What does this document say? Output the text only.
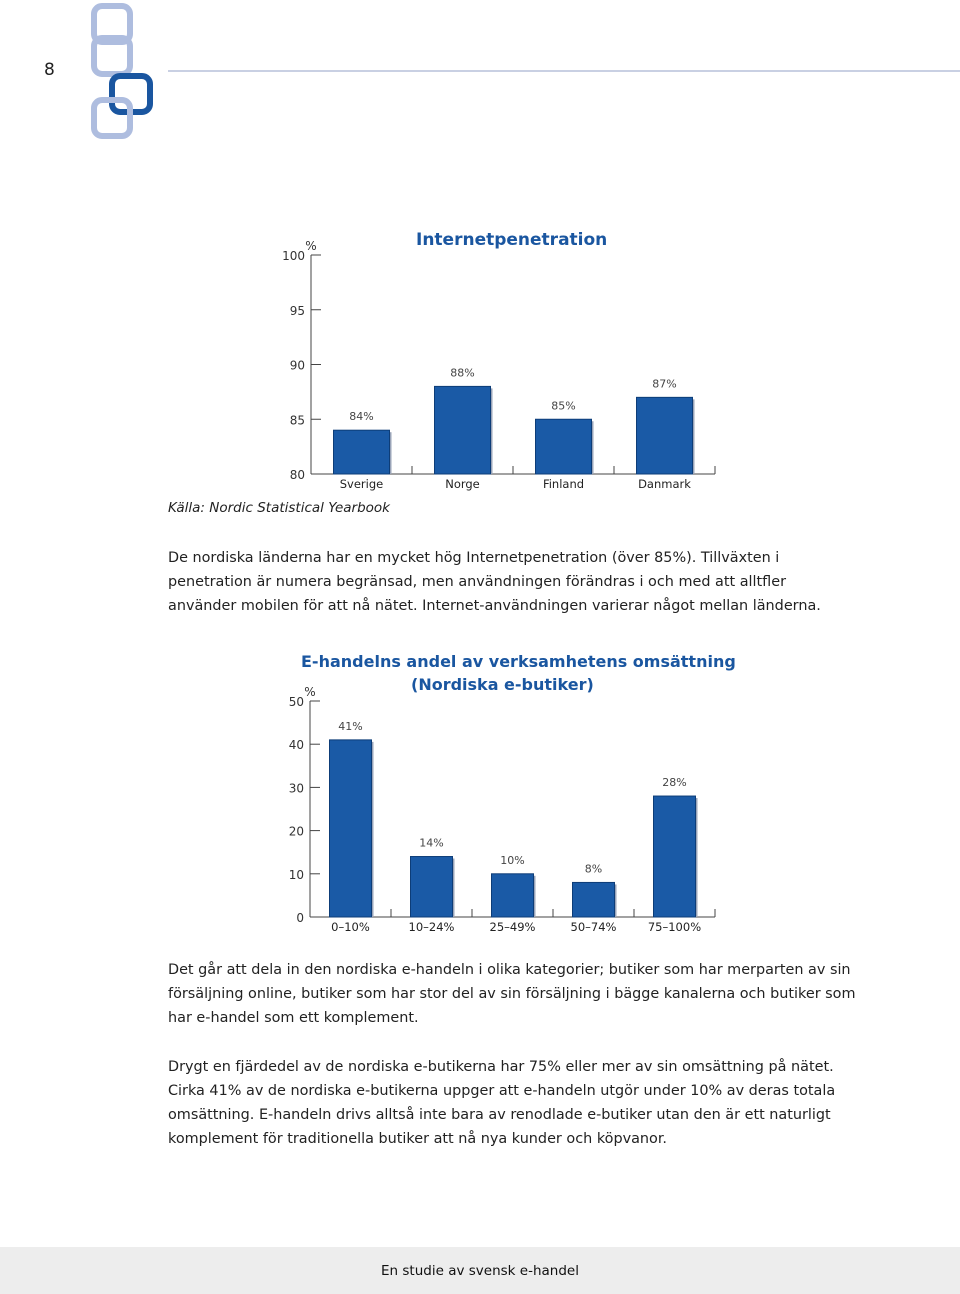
8
Internetpenetration
80
85
90
95
100
%
84%
Sverige
88%
Norge
85%
Finland
87%
Danmark
Källa: Nordic Statistical Yearbook
De nordiska länderna har en mycket hög Internetpenetration (över 85%). Tillväxten i penetration är numera begränsad, men användningen förändras i och med att alltfler använder mobilen för att nå nätet. Internet-användningen varierar något mellan länderna.
E-handelns andel av verksamhetens omsättning
(Nordiska e-butiker)
0
10
20
30
40
50
%
41%
0–10%
14%
10–24%
10%
25–49%
8%
50–74%
28%
75–100%
Det går att dela in den nordiska e-handeln i olika kategorier; butiker som har merparten av sin försäljning online, butiker som har stor del av sin försäljning i bägge kanalerna och butiker som har e-handel som ett komplement.
Drygt en fjärdedel av de nordiska e-butikerna har 75% eller mer av sin omsättning på nätet. Cirka 41% av de nordiska e-butikerna uppger att e-handeln utgör under 10% av deras totala omsättning. E-handeln drivs alltså inte bara av renodlade e-butiker utan den är ett naturligt komplement för traditionella butiker att nå nya kunder och köpvanor.
En studie av svensk e-handel
